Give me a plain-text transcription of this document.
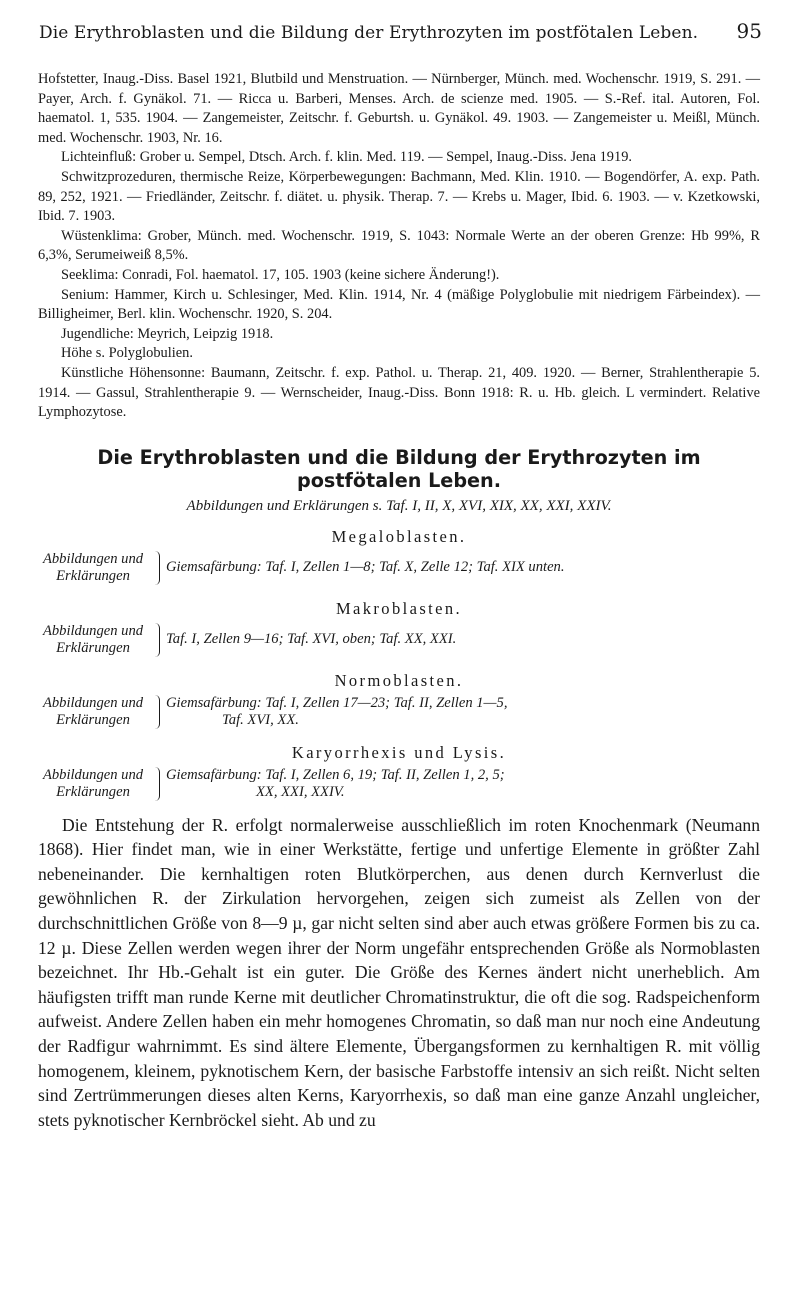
Die Erythroblasten und die Bildung der Erythrozyten im postfötalen Leben. 95

Hofstetter, Inaug.-Diss. Basel 1921, Blutbild und Menstruation. — Nürnberger, Münch. med. Wochenschr. 1919, S. 291. — Payer, Arch. f. Gynäkol. 71. — Ricca u. Barberi, Menses. Arch. de scienze med. 1905. — S.-Ref. ital. Autoren, Fol. haematol. 1, 535. 1904. — Zangemeister, Zeitschr. f. Geburtsh. u. Gynäkol. 49. 1903. — Zangemeister u. Meißl, Münch. med. Wochenschr. 1903, Nr. 16.

Lichteinfluß: Grober u. Sempel, Dtsch. Arch. f. klin. Med. 119. — Sempel, Inaug.-Diss. Jena 1919.

Schwitzprozeduren, thermische Reize, Körperbewegungen: Bachmann, Med. Klin. 1910. — Bogendörfer, A. exp. Path. 89, 252, 1921. — Friedländer, Zeitschr. f. diätet. u. physik. Therap. 7. — Krebs u. Mager, Ibid. 6. 1903. — v. Kzetkowski, Ibid. 7. 1903.

Wüstenklima: Grober, Münch. med. Wochenschr. 1919, S. 1043: Normale Werte an der oberen Grenze: Hb 99%, R 6,3%, Serumeiweiß 8,5%.

Seeklima: Conradi, Fol. haematol. 17, 105. 1903 (keine sichere Änderung!).

Senium: Hammer, Kirch u. Schlesinger, Med. Klin. 1914, Nr. 4 (mäßige Polyglobulie mit niedrigem Färbeindex). — Billigheimer, Berl. klin. Wochenschr. 1920, S. 204.

Jugendliche: Meyrich, Leipzig 1918.

Höhe s. Polyglobulien.

Künstliche Höhensonne: Baumann, Zeitschr. f. exp. Pathol. u. Therap. 21, 409. 1920. — Berner, Strahlentherapie 5. 1914. — Gassul, Strahlentherapie 9. — Wernscheider, Inaug.-Diss. Bonn 1918: R. u. Hb. gleich. L vermindert. Relative Lymphozytose.

Die Erythroblasten und die Bildung der Erythrozyten im postfötalen Leben.
Abbildungen und Erklärungen s. Taf. I, II, X, XVI, XIX, XX, XXI, XXIV.
Megaloblasten.
Abbildungen und
Erklärungen
Giemsafärbung: Taf. I, Zellen 1—8; Taf. X, Zelle 12; Taf. XIX unten.
Makroblasten.
Abbildungen und
Erklärungen
Taf. I, Zellen 9—16; Taf. XVI, oben; Taf. XX, XXI.
Normoblasten.
Abbildungen und
Erklärungen
Giemsafärbung: Taf. I, Zellen 17—23; Taf. II, Zellen 1—5,
Taf. XVI, XX.
Karyorrhexis und Lysis.
Abbildungen und
Erklärungen
Giemsafärbung: Taf. I, Zellen 6, 19; Taf. II, Zellen 1, 2, 5;
XX, XXI, XXIV.

Die Entstehung der R. erfolgt normalerweise ausschließlich im roten Knochenmark (Neumann 1868). Hier findet man, wie in einer Werkstätte, fertige und unfertige Elemente in größter Zahl nebeneinander. Die kernhaltigen roten Blutkörperchen, aus denen durch Kernverlust die gewöhnlichen R. der Zirkulation hervorgehen, zeigen sich zumeist als Zellen von der durchschnittlichen Größe von 8—9 µ, gar nicht selten sind aber auch etwas größere Formen bis zu ca. 12 µ. Diese Zellen werden wegen ihrer der Norm ungefähr entsprechenden Größe als Normoblasten bezeichnet. Ihr Hb.-Gehalt ist ein guter. Die Größe des Kernes ändert nicht unerheblich. Am häufigsten trifft man runde Kerne mit deutlicher Chromatinstruktur, die oft die sog. Radspeichenform aufweist. Andere Zellen haben ein mehr homogenes Chromatin, so daß man nur noch eine Andeutung der Radfigur wahrnimmt. Es sind ältere Elemente, Übergangsformen zu kernhaltigen R. mit völlig homogenem, kleinem, pyknotischem Kern, der basische Farbstoffe intensiv an sich reißt. Nicht selten sind Zertrümmerungen dieses alten Kerns, Karyorrhexis, so daß man eine ganze Anzahl ungleicher, stets pyknotischer Kernbröckel sieht. Ab und zu
